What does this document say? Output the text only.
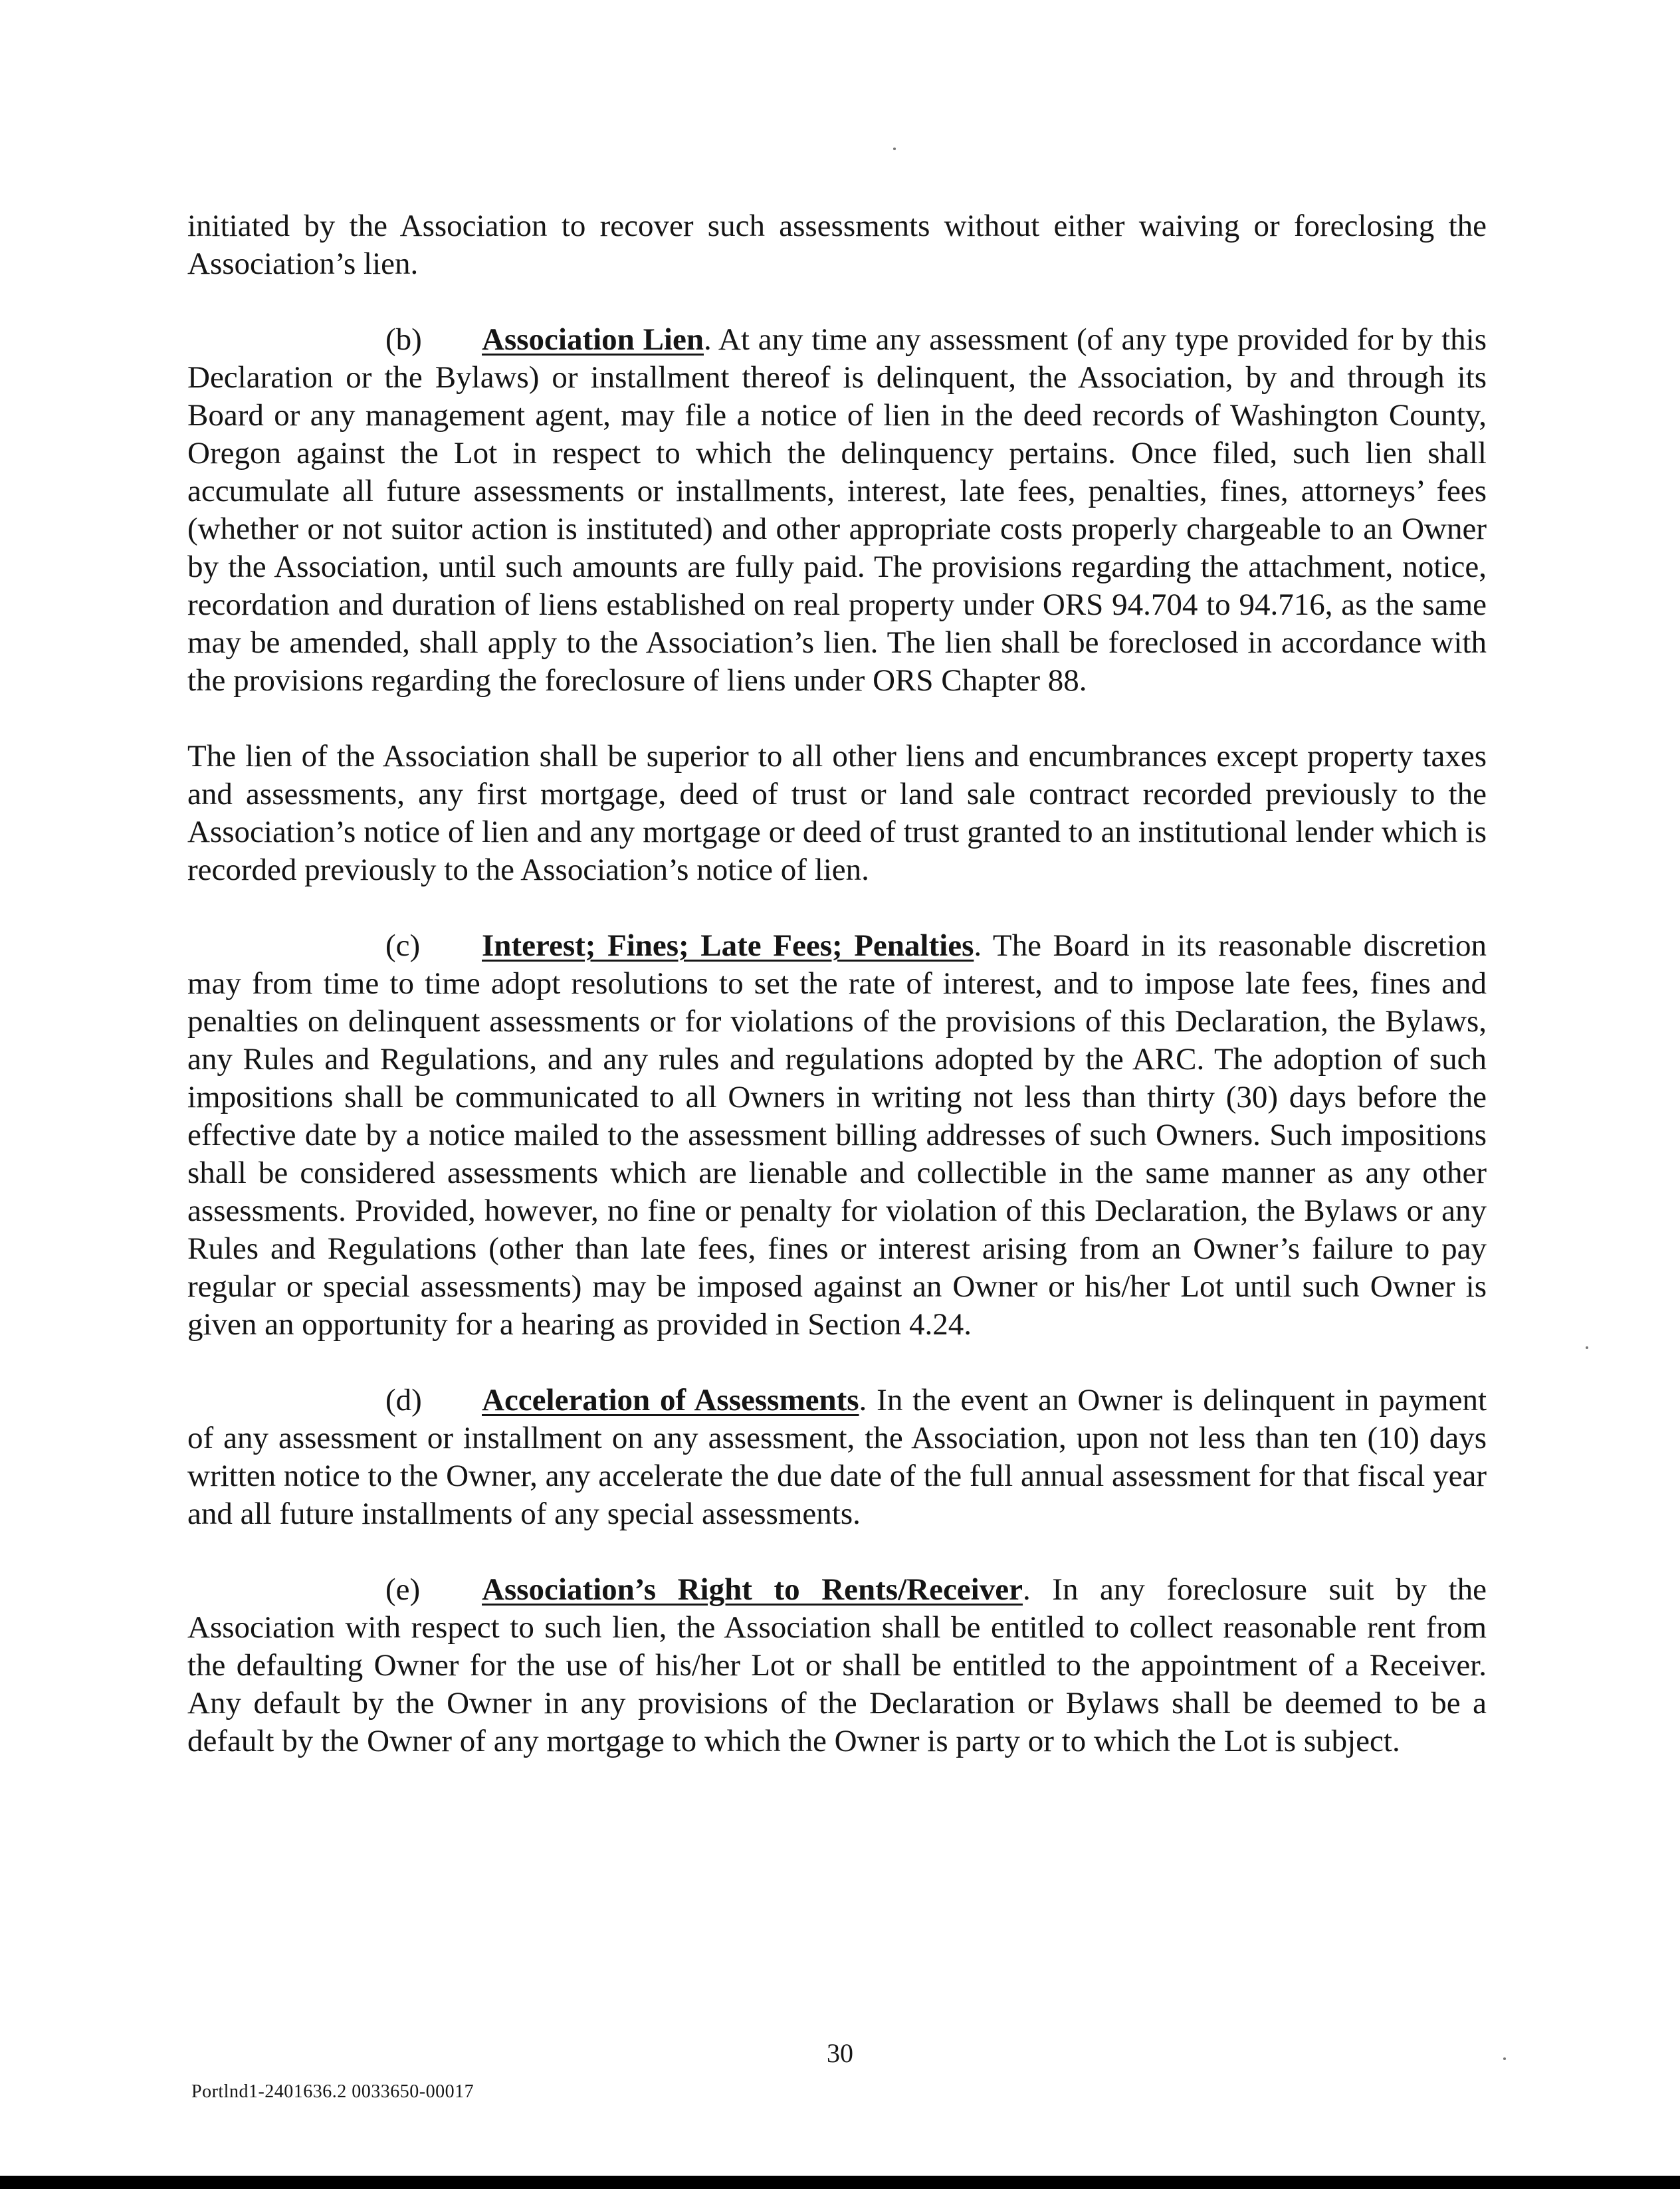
initiated by the Association to recover such assessments without either waiving or foreclosing the Association’s lien.

(b) Association Lien. At any time any assessment (of any type provided for by this Declaration or the Bylaws) or installment thereof is delinquent, the Association, by and through its Board or any management agent, may file a notice of lien in the deed records of Washington County, Oregon against the Lot in respect to which the delinquency pertains. Once filed, such lien shall accumulate all future assessments or installments, interest, late fees, penalties, fines, attorneys’ fees (whether or not suitor action is instituted) and other appropriate costs properly chargeable to an Owner by the Association, until such amounts are fully paid. The provisions regarding the attachment, notice, recordation and duration of liens established on real property under ORS 94.704 to 94.716, as the same may be amended, shall apply to the Association’s lien. The lien shall be foreclosed in accordance with the provisions regarding the foreclosure of liens under ORS Chapter 88.

The lien of the Association shall be superior to all other liens and encumbrances except property taxes and assessments, any first mortgage, deed of trust or land sale contract recorded previously to the Association’s notice of lien and any mortgage or deed of trust granted to an institutional lender which is recorded previously to the Association’s notice of lien.

(c) Interest; Fines; Late Fees; Penalties. The Board in its reasonable discretion may from time to time adopt resolutions to set the rate of interest, and to impose late fees, fines and penalties on delinquent assessments or for violations of the provisions of this Declaration, the Bylaws, any Rules and Regulations, and any rules and regulations adopted by the ARC. The adoption of such impositions shall be communicated to all Owners in writing not less than thirty (30) days before the effective date by a notice mailed to the assessment billing addresses of such Owners. Such impositions shall be considered assessments which are lienable and collectible in the same manner as any other assessments. Provided, however, no fine or penalty for violation of this Declaration, the Bylaws or any Rules and Regulations (other than late fees, fines or interest arising from an Owner’s failure to pay regular or special assessments) may be imposed against an Owner or his/her Lot until such Owner is given an opportunity for a hearing as provided in Section 4.24.

(d) Acceleration of Assessments. In the event an Owner is delinquent in payment of any assessment or installment on any assessment, the Association, upon not less than ten (10) days written notice to the Owner, any accelerate the due date of the full annual assessment for that fiscal year and all future installments of any special assessments.

(e) Association’s Right to Rents/Receiver. In any foreclosure suit by the Association with respect to such lien, the Association shall be entitled to collect reasonable rent from the defaulting Owner for the use of his/her Lot or shall be entitled to the appointment of a Receiver. Any default by the Owner in any provisions of the Declaration or Bylaws shall be deemed to be a default by the Owner of any mortgage to which the Owner is party or to which the Lot is subject.

30
Portlnd1-2401636.2 0033650-00017
